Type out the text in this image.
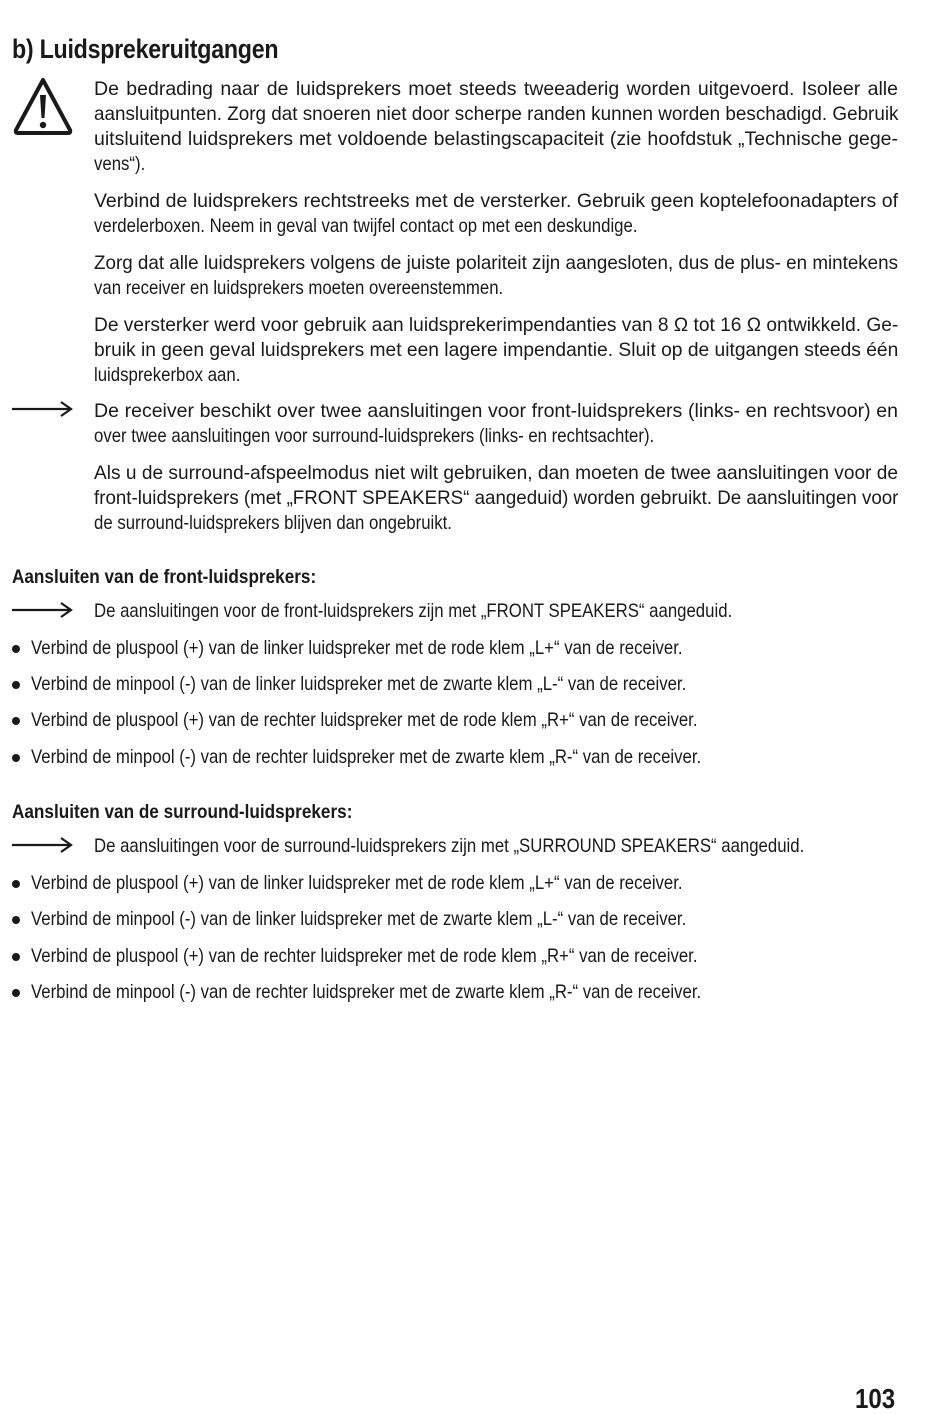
b) Luidsprekeruitgangen
De bedrading naar de luidsprekers moet steeds tweeaderig worden uitgevoerd. Isoleer alle
aansluitpunten. Zorg dat snoeren niet door scherpe randen kunnen worden beschadigd. Gebruik
uitsluitend luidsprekers met voldoende belastingscapaciteit (zie hoofdstuk „Technische gege-
vens“).
Verbind de luidsprekers rechtstreeks met de versterker. Gebruik geen koptelefoonadapters of
verdelerboxen. Neem in geval van twijfel contact op met een deskundige.
Zorg dat alle luidsprekers volgens de juiste polariteit zijn aangesloten, dus de plus- en mintekens
van receiver en luidsprekers moeten overeenstemmen.
De versterker werd voor gebruik aan luidsprekerimpendanties van 8 Ω tot 16 Ω ontwikkeld. Ge-
bruik in geen geval luidsprekers met een lagere impendantie. Sluit op de uitgangen steeds één
luidsprekerbox aan.
De receiver beschikt over twee aansluitingen voor front-luidsprekers (links- en rechtsvoor) en
over twee aansluitingen voor surround-luidsprekers (links- en rechtsachter).
Als u de surround-afspeelmodus niet wilt gebruiken, dan moeten de twee aansluitingen voor de
front-luidsprekers (met „FRONT SPEAKERS“ aangeduid) worden gebruikt. De aansluitingen voor
de surround-luidsprekers blijven dan ongebruikt.
Aansluiten van de front-luidsprekers:
De aansluitingen voor de front-luidsprekers zijn met „FRONT SPEAKERS“ aangeduid.
Verbind de pluspool (+) van de linker luidspreker met de rode klem „L+“ van de receiver.
Verbind de minpool (-) van de linker luidspreker met de zwarte klem „L-“ van de receiver.
Verbind de pluspool (+) van de rechter luidspreker met de rode klem „R+“ van de receiver.
Verbind de minpool (-) van de rechter luidspreker met de zwarte klem „R-“ van de receiver.
Aansluiten van de surround-luidsprekers:
De aansluitingen voor de surround-luidsprekers zijn met „SURROUND SPEAKERS“ aangeduid.
Verbind de pluspool (+) van de linker luidspreker met de rode klem „L+“ van de receiver.
Verbind de minpool (-) van de linker luidspreker met de zwarte klem „L-“ van de receiver.
Verbind de pluspool (+) van de rechter luidspreker met de rode klem „R+“ van de receiver.
Verbind de minpool (-) van de rechter luidspreker met de zwarte klem „R-“ van de receiver.
103
